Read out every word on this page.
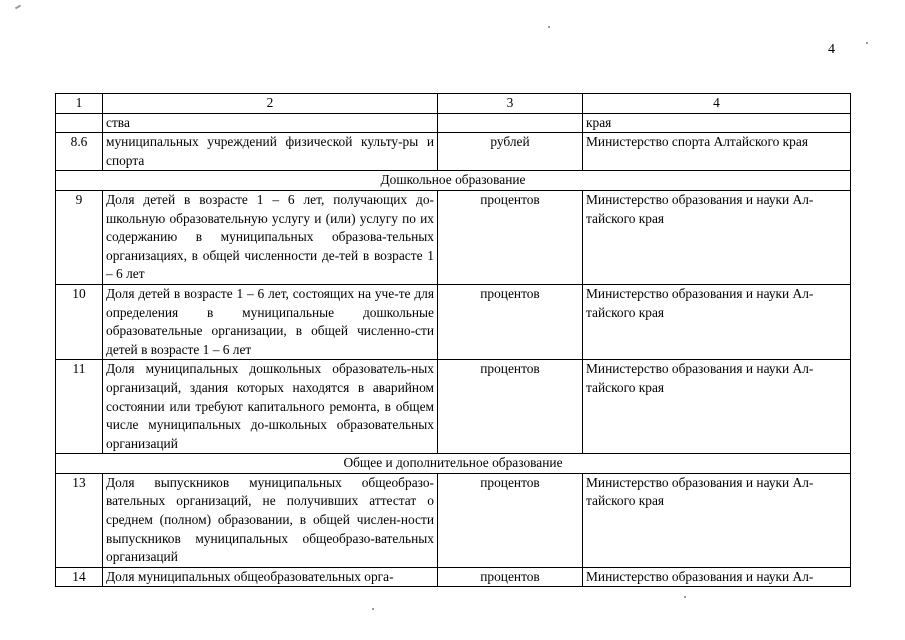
4
1	2	3	4
	ства		края
8.6	муниципальных учреждений физической культу-ры и спорта	рублей	Министерство спорта Алтайского края
Дошкольное образование			
9	Доля детей в возрасте 1 – 6 лет, получающих до-школьную образовательную услугу и (или) услугу по их содержанию в муниципальных образова-тельных организациях, в общей численности де-тей в возрасте 1 – 6 лет	процентов	Министерство образования и науки Ал-тайского края
10	Доля детей в возрасте 1 – 6 лет, состоящих на уче-те для определения в муниципальные дошкольные образовательные организации, в общей численно-сти детей в возрасте 1 – 6 лет	процентов	Министерство образования и науки Ал-тайского края
11	Доля муниципальных дошкольных образователь-ных организаций, здания которых находятся в аварийном состоянии или требуют капитального ремонта, в общем числе муниципальных до-школьных образовательных организаций	процентов	Министерство образования и науки Ал-тайского края
Общее и дополнительное образование			
13	Доля выпускников муниципальных общеобразо-вательных организаций, не получивших аттестат о среднем (полном) образовании, в общей числен-ности выпускников муниципальных общеобразо-вательных организаций	процентов	Министерство образования и науки Ал-тайского края
14	Доля муниципальных общеобразовательных орга-	процентов	Министерство образования и науки Ал-
